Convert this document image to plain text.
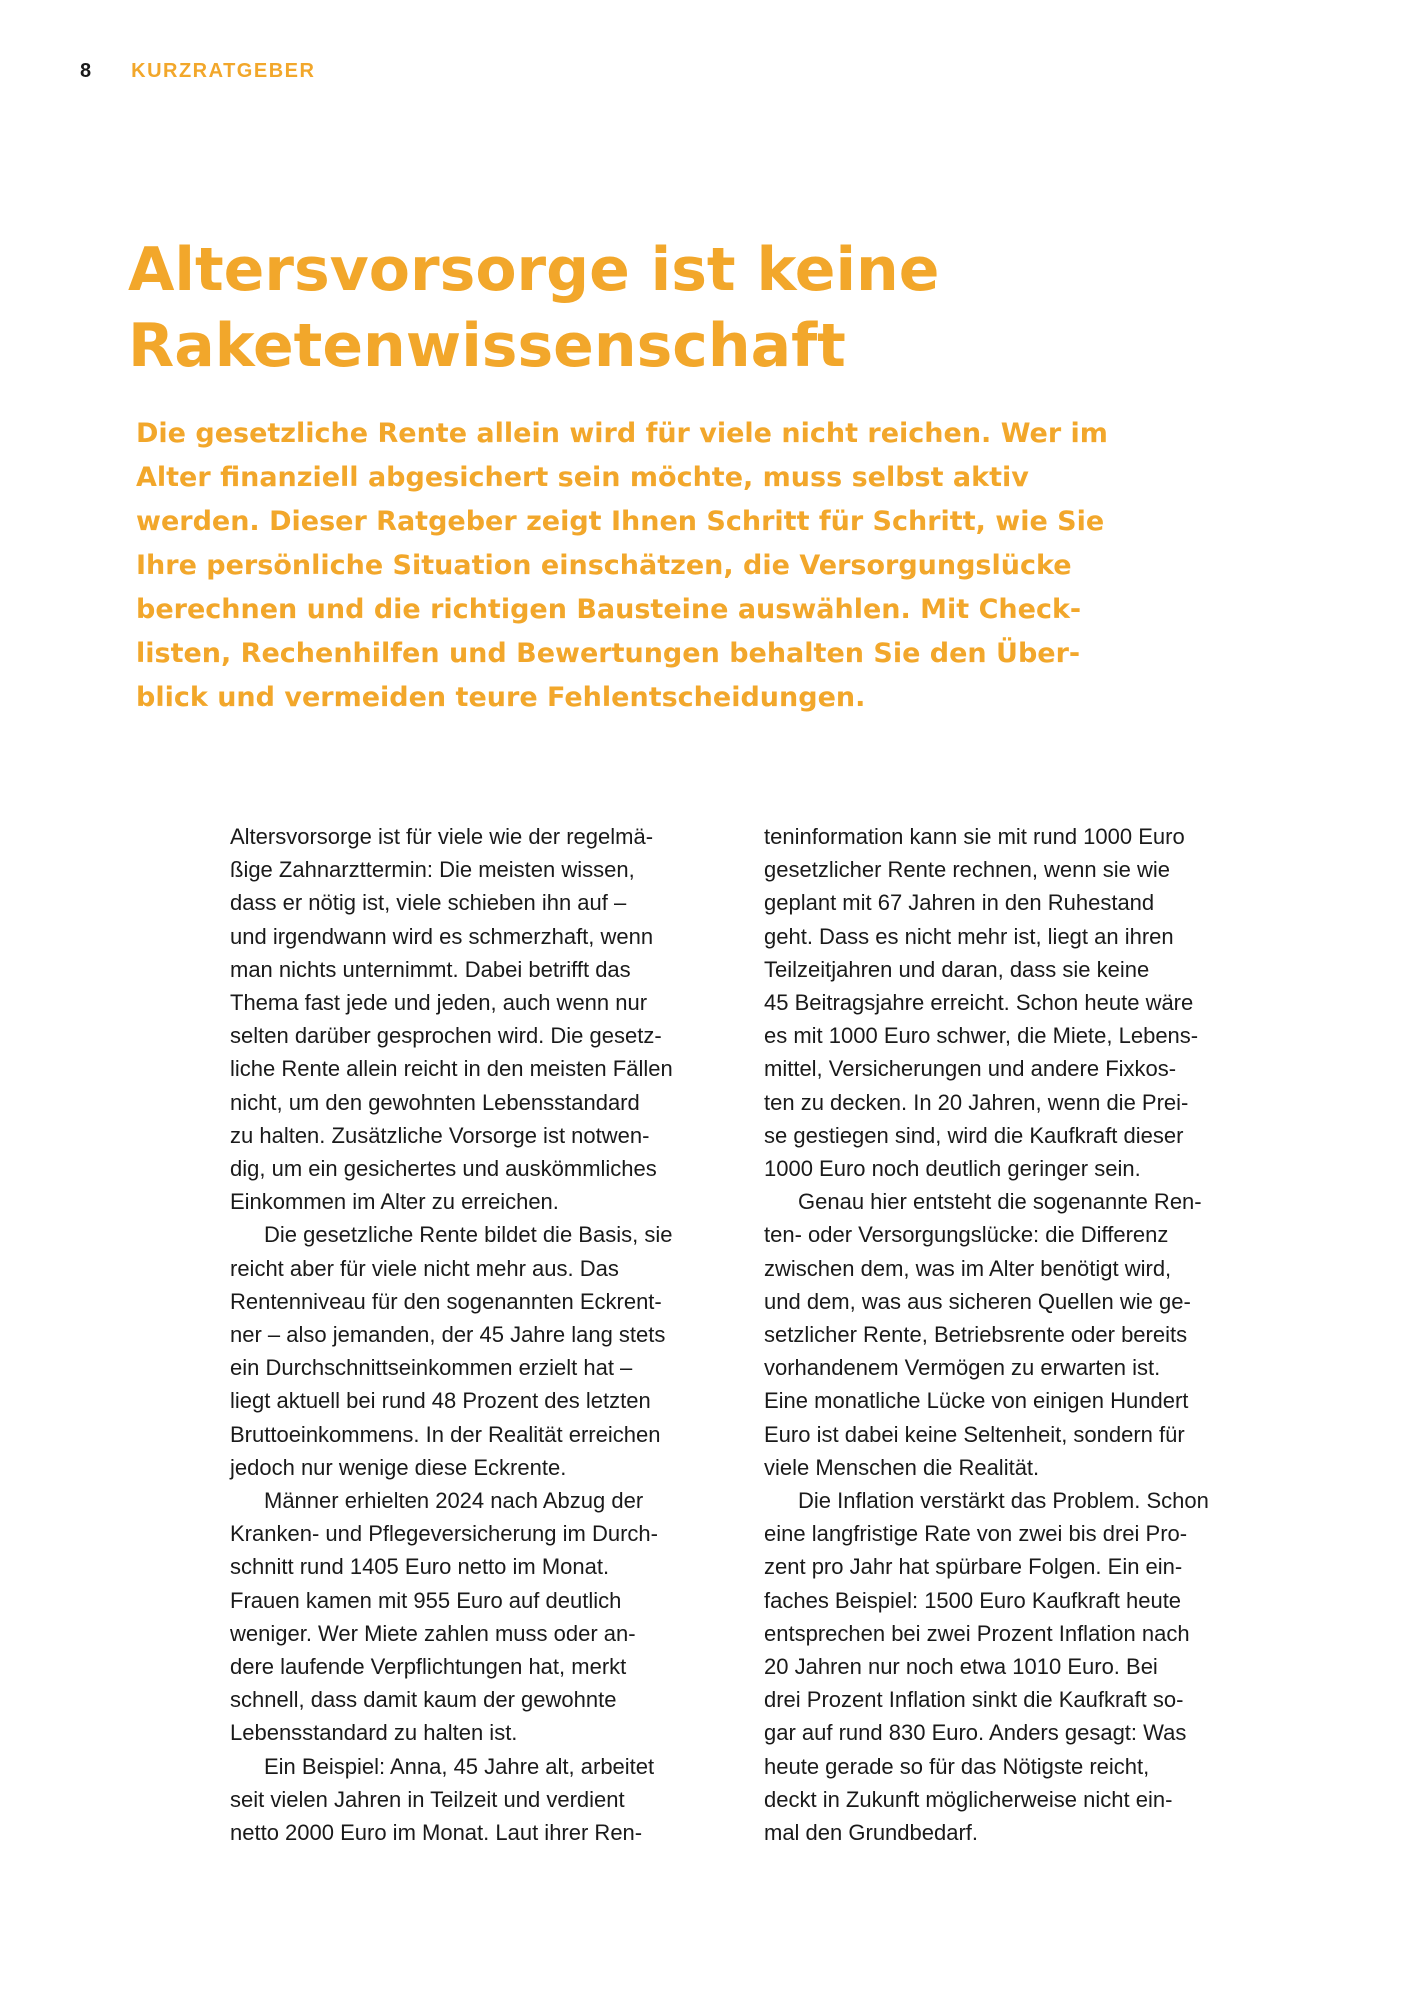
8 KURZRATGEBER
Altersvorsorge ist keine
Raketenwissenschaft

Die gesetzliche Rente allein wird für viele nicht reichen. Wer im
Alter finanziell abgesichert sein möchte, muss selbst aktiv
werden. Dieser Ratgeber zeigt Ihnen Schritt für Schritt, wie Sie
Ihre persönliche Situation einschätzen, die Versorgungslücke
berechnen und die richtigen Bausteine auswählen. Mit Check-
listen, Rechenhilfen und Bewertungen behalten Sie den Über-
blick und vermeiden teure Fehlentscheidungen.

Altersvorsorge ist für viele wie der regelmä-
ßige Zahnarzttermin: Die meisten wissen,
dass er nötig ist, viele schieben ihn auf –
und irgendwann wird es schmerzhaft, wenn
man nichts unternimmt. Dabei betrifft das
Thema fast jede und jeden, auch wenn nur
selten darüber gesprochen wird. Die gesetz-
liche Rente allein reicht in den meisten Fällen
nicht, um den gewohnten Lebensstandard
zu halten. Zusätzliche Vorsorge ist notwen-
dig, um ein gesichertes und auskömmliches
Einkommen im Alter zu erreichen.
Die gesetzliche Rente bildet die Basis, sie
reicht aber für viele nicht mehr aus. Das
Rentenniveau für den sogenannten Eckrent-
ner – also jemanden, der 45 Jahre lang stets
ein Durchschnittseinkommen erzielt hat –
liegt aktuell bei rund 48 Prozent des letzten
Bruttoeinkommens. In der Realität erreichen
jedoch nur wenige diese Eckrente.
Männer erhielten 2024 nach Abzug der
Kranken- und Pflegeversicherung im Durch-
schnitt rund 1405 Euro netto im Monat.
Frauen kamen mit 955 Euro auf deutlich
weniger. Wer Miete zahlen muss oder an-
dere laufende Verpflichtungen hat, merkt
schnell, dass damit kaum der gewohnte
Lebensstandard zu halten ist.
Ein Beispiel: Anna, 45 Jahre alt, arbeitet
seit vielen Jahren in Teilzeit und verdient
netto 2000 Euro im Monat. Laut ihrer Ren-
teninformation kann sie mit rund 1000 Euro
gesetzlicher Rente rechnen, wenn sie wie
geplant mit 67 Jahren in den Ruhestand
geht. Dass es nicht mehr ist, liegt an ihren
Teilzeitjahren und daran, dass sie keine
45 Beitragsjahre erreicht. Schon heute wäre
es mit 1000 Euro schwer, die Miete, Lebens-
mittel, Versicherungen und andere Fixkos-
ten zu decken. In 20 Jahren, wenn die Prei-
se gestiegen sind, wird die Kaufkraft dieser
1000 Euro noch deutlich geringer sein.
Genau hier entsteht die sogenannte Ren-
ten- oder Versorgungslücke: die Differenz
zwischen dem, was im Alter benötigt wird,
und dem, was aus sicheren Quellen wie ge-
setzlicher Rente, Betriebsrente oder bereits
vorhandenem Vermögen zu erwarten ist.
Eine monatliche Lücke von einigen Hundert
Euro ist dabei keine Seltenheit, sondern für
viele Menschen die Realität.
Die Inflation verstärkt das Problem. Schon
eine langfristige Rate von zwei bis drei Pro-
zent pro Jahr hat spürbare Folgen. Ein ein-
faches Beispiel: 1500 Euro Kaufkraft heute
entsprechen bei zwei Prozent Inflation nach
20 Jahren nur noch etwa 1010 Euro. Bei
drei Prozent Inflation sinkt die Kaufkraft so-
gar auf rund 830 Euro. Anders gesagt: Was
heute gerade so für das Nötigste reicht,
deckt in Zukunft möglicherweise nicht ein-
mal den Grundbedarf.
